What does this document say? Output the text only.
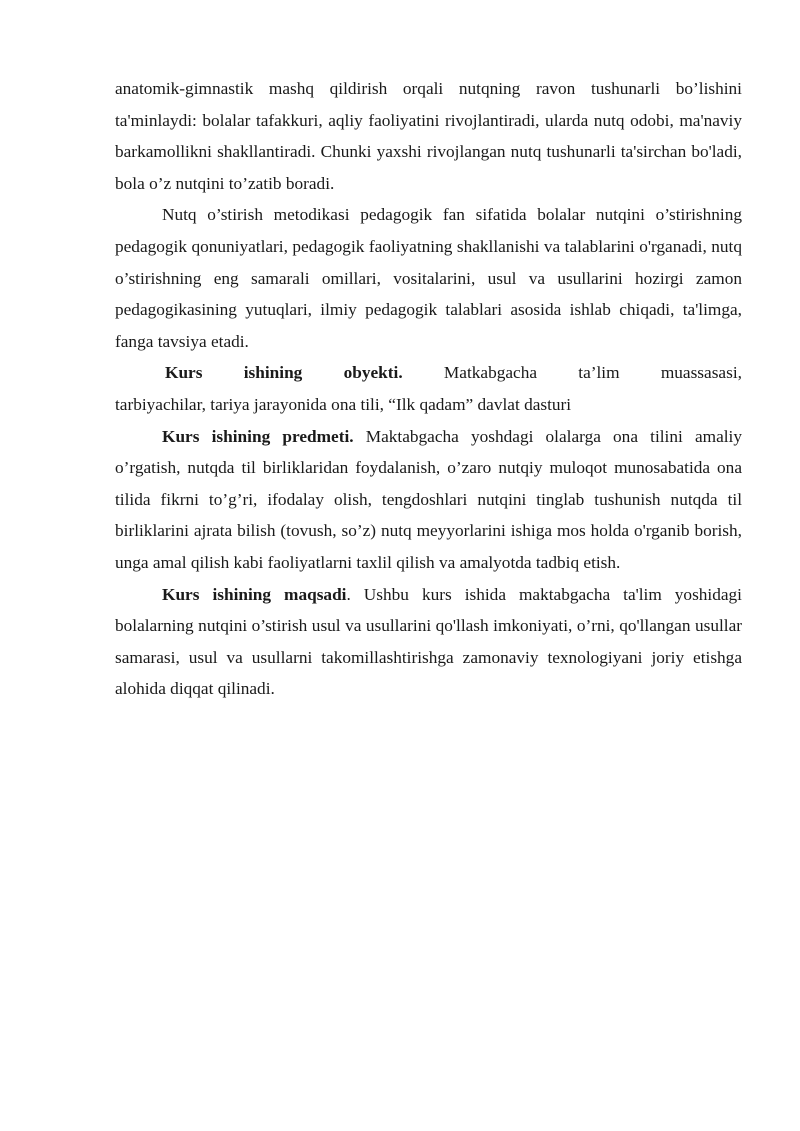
anatomik-gimnastik mashq qildirish orqali nutqning ravon tushunarli bo’lishini ta'minlaydi: bolalar tafakkuri, aqliy faoliyatini rivojlantiradi, ularda nutq odobi, ma'naviy barkamollikni shakllantiradi. Chunki yaxshi rivojlangan nutq tushunarli ta'sirchan bo'ladi, bola o’z nutqini to’zatib boradi.

Nutq o’stirish metodikasi pedagogik fan sifatida bolalar nutqini o’stirishning pedagogik qonuniyatlari, pedagogik faoliyatning shakllanishi va talablarini o'rganadi, nutq o’stirishning eng samarali omillari, vositalarini, usul va usullarini hozirgi zamon pedagogikasining yutuqlari, ilmiy pedagogik talablari asosida ishlab chiqadi, ta'limga, fanga tavsiya etadi.

Kurs ishining obyekti. Matkabgacha ta’lim muassasasi,
tarbiyachilar, tariya jarayonida ona tili, “Ilk qadam” davlat dasturi

Kurs ishining predmeti. Maktabgacha yoshdagi olalarga ona tilini amaliy o’rgatish, nutqda til birliklaridan foydalanish, o’zaro nutqiy muloqot munosabatida ona tilida fikrni to’g’ri, ifodalay olish, tengdoshlari nutqini tinglab tushunish nutqda til birliklarini ajrata bilish (tovush, so’z) nutq meyyorlarini ishiga mos holda o'rganib borish, unga amal qilish kabi faoliyatlarni taxlil qilish va amalyotda tadbiq etish.

Kurs ishining maqsadi. Ushbu kurs ishida maktabgacha ta'lim yoshidagi bolalarning nutqini o’stirish usul va usullarini qo'llash imkoniyati, o’rni, qo'llangan usullar samarasi, usul va usullarni takomillashtirishga zamonaviy texnologiyani joriy etishga alohida diqqat qilinadi.
